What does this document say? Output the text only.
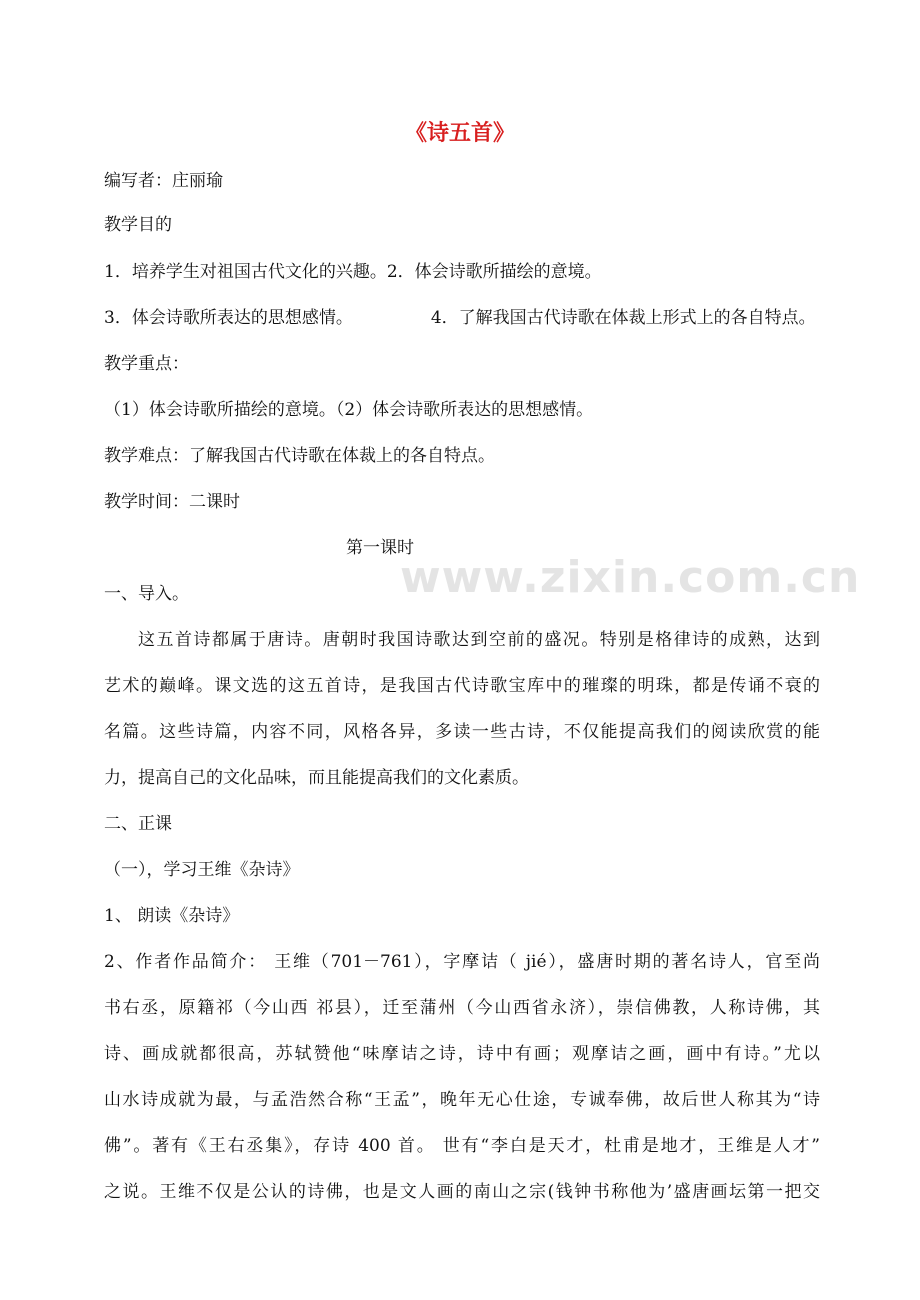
《诗五首》
编写者：庄丽瑜
教学目的
1．培养学生对祖国古代文化的兴趣。2．体会诗歌所描绘的意境。
3．体会诗歌所表达的思想感情。	4．了解我国古代诗歌在体裁上形式上的各自特点。
教学重点：
（1）体会诗歌所描绘的意境。（2）体会诗歌所表达的思想感情。
教学难点：了解我国古代诗歌在体裁上的各自特点。
教学时间：二课时
第一课时
一、导入。	www.zixin.com.cn
这五首诗都属于唐诗。唐朝时我国诗歌达到空前的盛况。特别是格律诗的成熟，达到
艺术的巅峰。课文选的这五首诗，是我国古代诗歌宝库中的璀璨的明珠，都是传诵不衰的
名篇。这些诗篇，内容不同，风格各异，多读一些古诗，不仅能提高我们的阅读欣赏的能
力，提高自己的文化品味，而且能提高我们的文化素质。
二、正课
（一），学习王维《杂诗》
1、 朗读《杂诗》
2、作者作品简介： 王维（701－761），字摩诘（ jié），盛唐时期的著名诗人，官至尚
书右丞，原籍祁（今山西 祁县），迁至蒲州（今山西省永济），崇信佛教，人称诗佛，其
诗、画成就都很高，苏轼赞他“味摩诘之诗，诗中有画；观摩诘之画，画中有诗。”尤以
山水诗成就为最，与孟浩然合称“王孟”，晚年无心仕途，专诚奉佛，故后世人称其为“诗
佛”。著有《王右丞集》，存诗 400 首。 世有“李白是天才，杜甫是地才，王维是人才”
之说。王维不仅是公认的诗佛，也是文人画的南山之宗(钱钟书称他为’盛唐画坛第一把交
